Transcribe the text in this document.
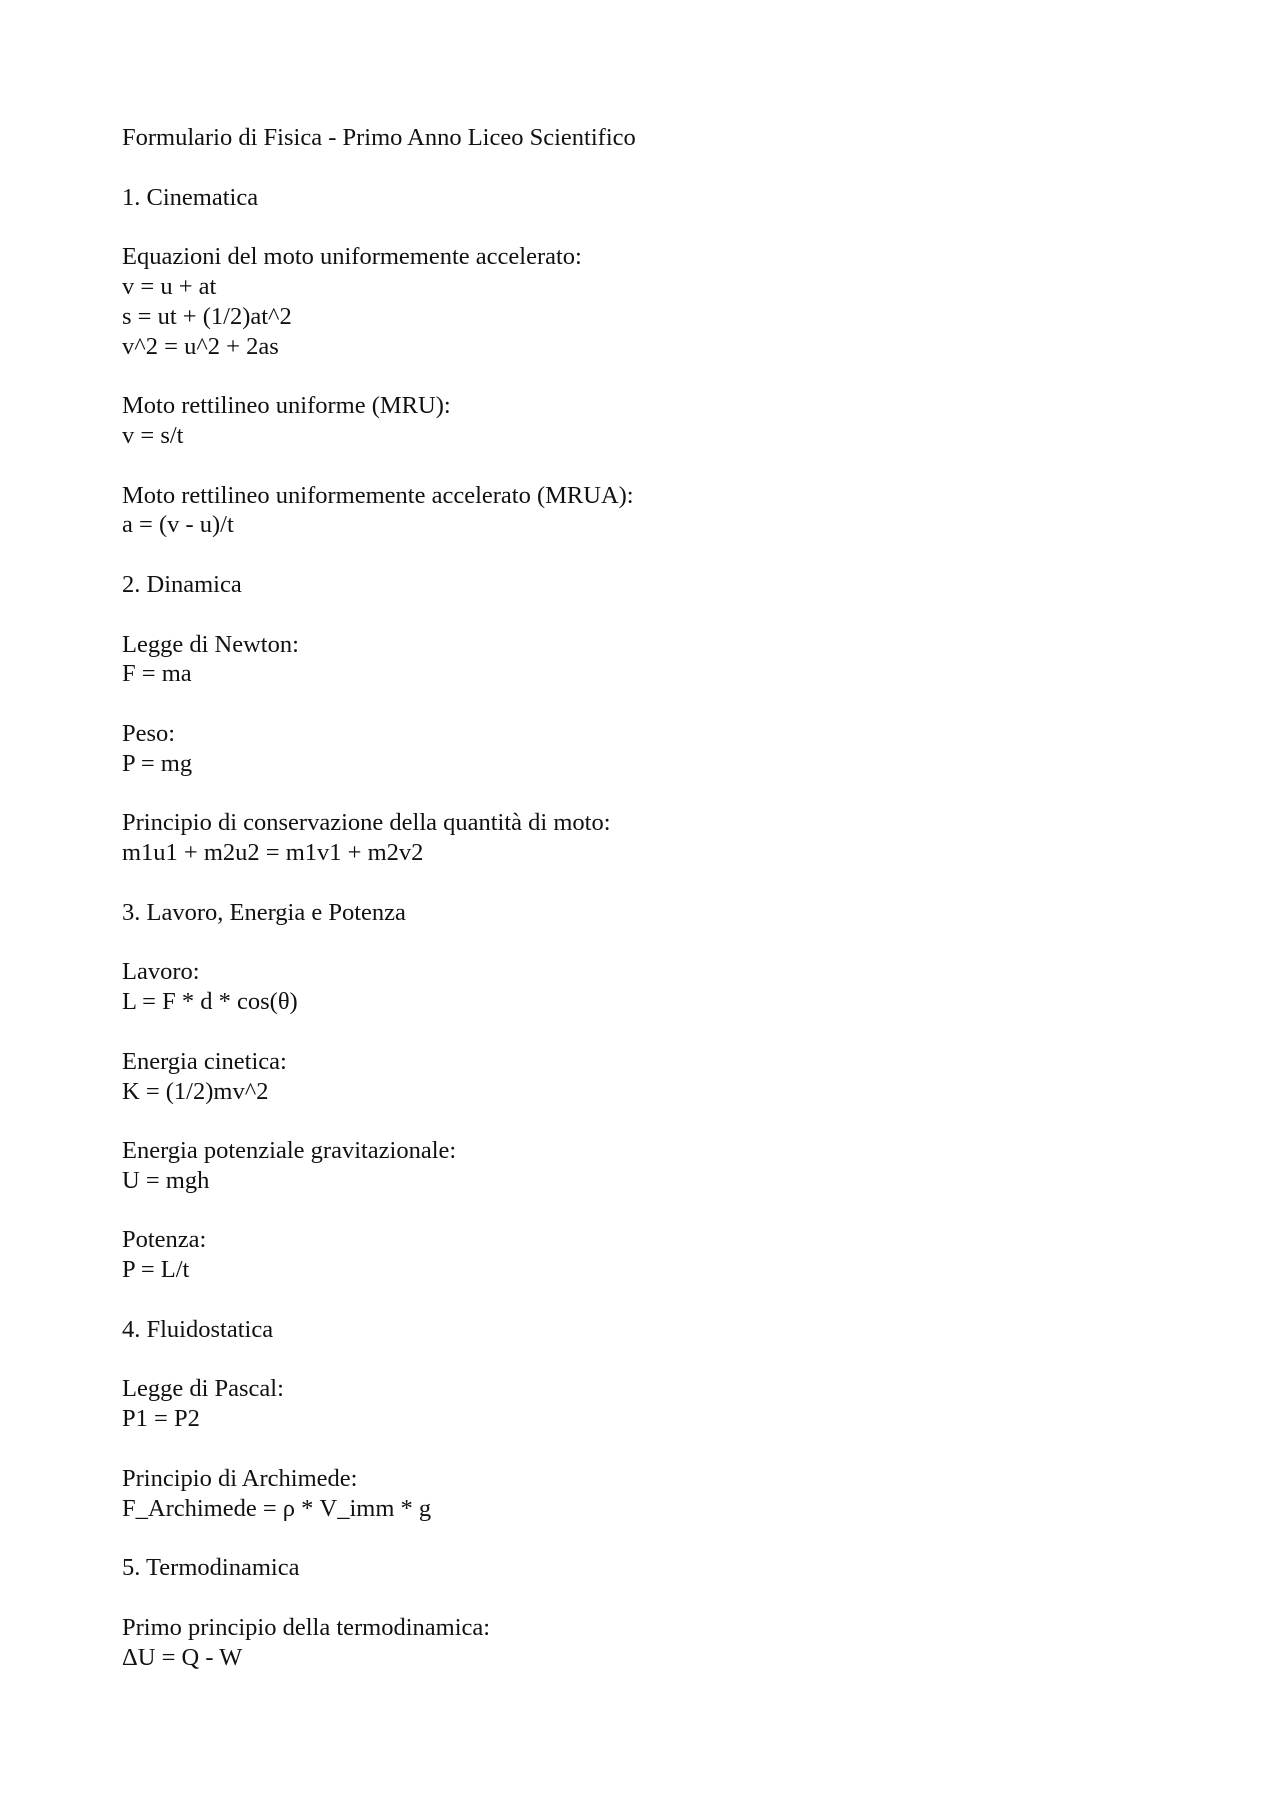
Formulario di Fisica - Primo Anno Liceo Scientifico
1. Cinematica
Equazioni del moto uniformemente accelerato:
v = u + at
s = ut + (1/2)at^2
v^2 = u^2 + 2as
Moto rettilineo uniforme (MRU):
v = s/t
Moto rettilineo uniformemente accelerato (MRUA):
a = (v - u)/t
2. Dinamica
Legge di Newton:
F = ma
Peso:
P = mg
Principio di conservazione della quantità di moto:
m1u1 + m2u2 = m1v1 + m2v2
3. Lavoro, Energia e Potenza
Lavoro:
L = F * d * cos(θ)
Energia cinetica:
K = (1/2)mv^2
Energia potenziale gravitazionale:
U = mgh
Potenza:
P = L/t
4. Fluidostatica
Legge di Pascal:
P1 = P2
Principio di Archimede:
F_Archimede = ρ * V_imm * g
5. Termodinamica
Primo principio della termodinamica:
ΔU = Q - W
